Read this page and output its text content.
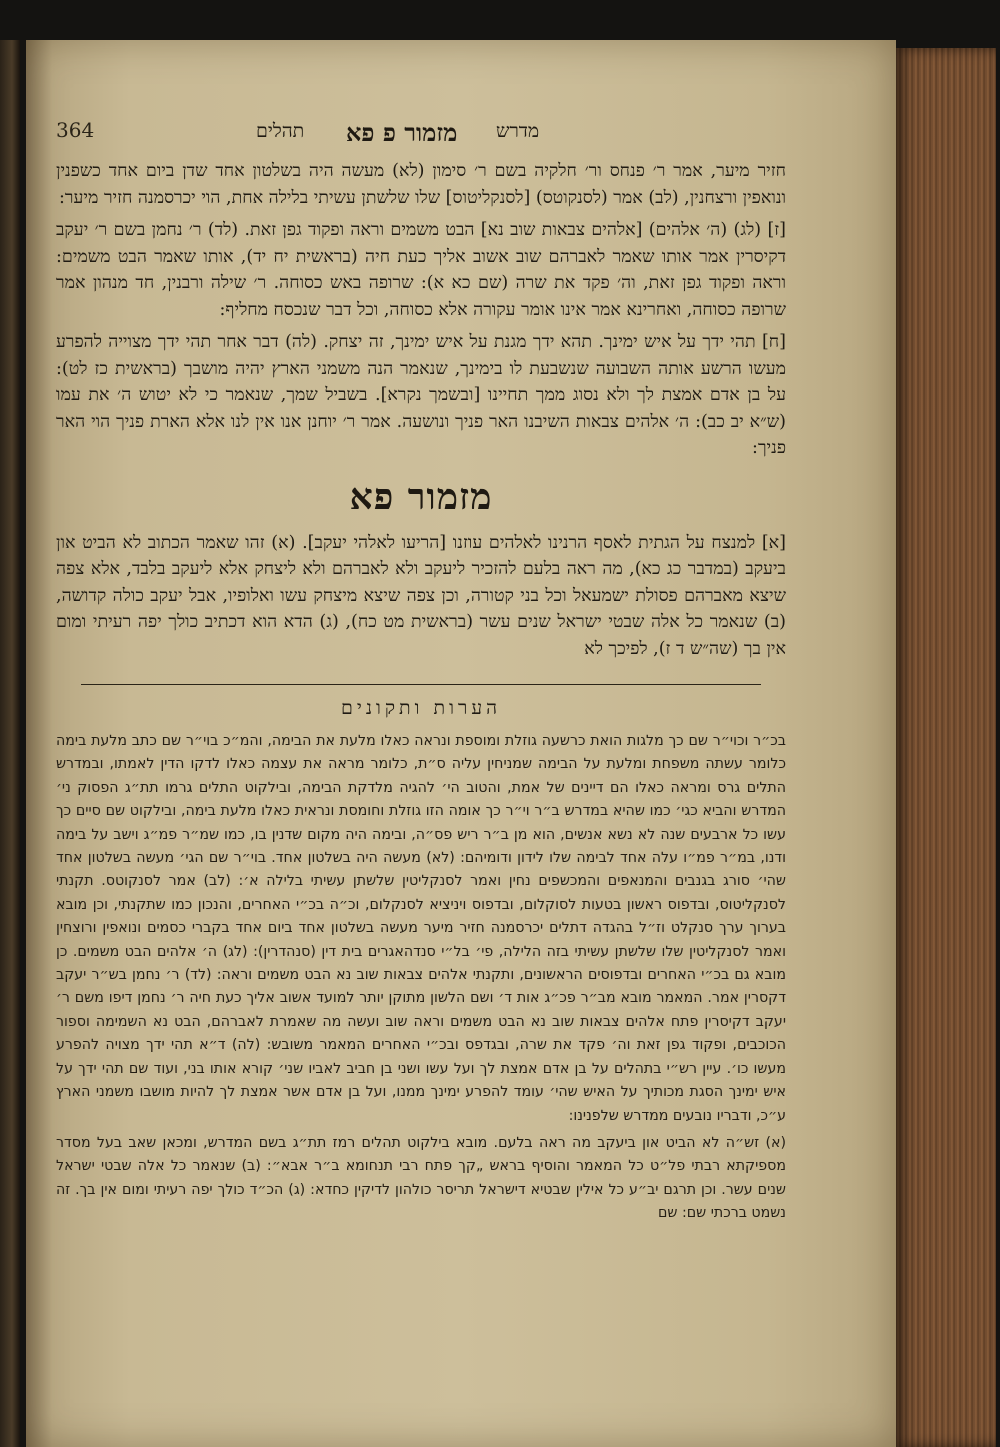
364	תהלים מזמור פ פא מדרש

חזיר מיער, אמר ר׳ פנחס ור׳ חלקיה בשם ר׳ סימון (לא) מעשה היה בשלטון אחד שדן ביום אחד כשפנין ונואפין ורצחנין, (לב) אמר (לסנקוטס) [לסנקליטוס] שלו שלשתן עשיתי בלילה אחת, הוי יכרסמנה חזיר מיער:

[ז] (לג) (ה׳ אלהים) [אלהים צבאות שוב נא] הבט משמים וראה ופקוד גפן זאת. (לד) ר׳ נחמן בשם ר׳ יעקב דקיסרין אמר אותו שאמר לאברהם שוב אשוב אליך כעת חיה (בראשית יח יד), אותו שאמר הבט משמים: וראה ופקוד גפן זאת, וה׳ פקד את שרה (שם כא א): שרופה באש כסוחה. ר׳ שילה ורבנין, חד מנהון אמר שרופה כסוחה, ואחרינא אמר אינו אומר עקורה אלא כסוחה, וכל דבר שנכסח מחליף:

[ח] תהי ידך על איש ימינך. תהא ידך מגנת על איש ימינך, זה יצחק. (לה) דבר אחר תהי ידך מצוייה להפרע מעשו הרשע אותה השבועה שנשבעת לו בימינך, שנאמר הנה משמני הארץ יהיה מושבך (בראשית כז לט): על בן אדם אמצת לך ולא נסוג ממך תחיינו [ובשמך נקרא]. בשביל שמך, שנאמר כי לא יטוש ה׳ את עמו (ש״א יב כב): ה׳ אלהים צבאות השיבנו האר פניך ונושעה. אמר ר׳ יוחנן אנו אין לנו אלא הארת פניך הוי האר פניך:

מזמור פא

[א] למנצח על הגתית לאסף הרנינו לאלהים עוזנו [הריעו לאלהי יעקב]. (א) זהו שאמר הכתוב לא הביט און ביעקב (במדבר כג כא), מה ראה בלעם להזכיר ליעקב ולא לאברהם ולא ליצחק אלא ליעקב בלבד, אלא צפה שיצא מאברהם פסולת ישמעאל וכל בני קטורה, וכן צפה שיצא מיצחק עשו ואלופיו, אבל יעקב כולה קדושה, (ב) שנאמר כל אלה שבטי ישראל שנים עשר (בראשית מט כח), (ג) הדא הוא דכתיב כולך יפה רעיתי ומום אין בך (שה״ש ד ז), לפיכך לא

הערות ותקונים

בכ״ר וכוי״ר שם כך מלגות הואת כרשעה גוזלת ומוספת ונראה כאלו מלעת את הבימה, והמ״כ בוי״ר שם כתב מלעת בימה כלומר עשתה משפחת ומלעת על הבימה שמניחין עליה ס״ת, כלומר מראה את עצמה כאלו לדקו הדין לאמתו, ובמדרש התלים גרס ומראה כאלו הם דיינים של אמת, והטוב הי׳ להגיה מלדקת הבימה, ובילקוט התלים גרמו תת״ג הפסוק ני׳ המדרש והביא כגי׳ כמו שהיא במדרש ב״ר וי״ר כך אומה הזו גוזלת וחומסת ונראית כאלו מלעת בימה, ובילקוט שם סיים כך עשו כל ארבעים שנה לא נשא אנשים, הוא מן ב״ר ריש פס״ה, ובימה היה מקום שדנין בו, כמו שמ״ר פמ״ג וישב על בימה ודנו, במ״ר פמ״ו עלה אחד לבימה שלו לידון ודומיהם: (לא) מעשה היה בשלטון אחד. בוי״ר שם הגי׳ מעשה בשלטון אחד שהי׳ סורג בגנבים והמנאפים והמכשפים נחין ואמר לסנקליטין שלשתן עשיתי בלילה א׳: (לב) אמר לסנקוטס. תקנתי לסנקליטוס, ובדפוס ראשון בטעות לסוקלום, ובדפוס ויניציא לסנקלום, וכ״ה בכ״י האחרים, והנכון כמו שתקנתי, וכן מובא בערוך ערך סנקלט וז״ל בהגדה דתלים יכרסמנה חזיר מיער מעשה בשלטון אחד ביום אחד בקברי כסמים ונואפין ורוצחין ואמר לסנקליטין שלו שלשתן עשיתי בזה הלילה, פי׳ בל״י סנדהאגרים בית דין (סנהדרין): (לג) ה׳ אלהים הבט משמים. כן מובא גם בכ״י האחרים ובדפוסים הראשונים, ותקנתי אלהים צבאות שוב נא הבט משמים וראה: (לד) ר׳ נחמן בש״ר יעקב דקסרין אמר. המאמר מובא מב״ר פכ״ג אות ד׳ ושם הלשון מתוקן יותר למועד אשוב אליך כעת חיה ר׳ נחמן דיפו משם ר׳ יעקב דקיסרין פתח אלהים צבאות שוב נא הבט משמים וראה שוב ועשה מה שאמרת לאברהם, הבט נא השמימה וספור הכוכבים, ופקוד גפן זאת וה׳ פקד את שרה, ובגדפס ובכ״י האחרים המאמר משובש: (לה) ד״א תהי ידך מצויה להפרע מעשו כו׳. עיין רש״י בתהלים על בן אדם אמצת לך ועל עשו ושני בן חביב לאביו שני׳ קורא אותו בני, ועוד שם תהי ידך על איש ימינך הסגת מכותיך על האיש שהי׳ עומד להפרע ימינך ממנו, ועל בן אדם אשר אמצת לך להיות מושבו משמני הארץ ע״כ, ודבריו נובעים ממדרש שלפנינו:

(א) זש״ה לא הביט און ביעקב מה ראה בלעם. מובא בילקוט תהלים רמז תת״ג בשם המדרש, ומכאן שאב בעל מסדר מספיקתא רבתי פל״ט כל המאמר והוסיף בראש „קך פתח רבי תנחומא ב״ר אבא״: (ב) שנאמר כל אלה שבטי ישראל שנים עשר. וכן תרגם יב״ע כל אילין שבטיא דישראל תריסר כולהון לדיקין כחדא: (ג) הכ״ד כולך יפה רעיתי ומום אין בך. זה נשמט ברכתי שם: שם
